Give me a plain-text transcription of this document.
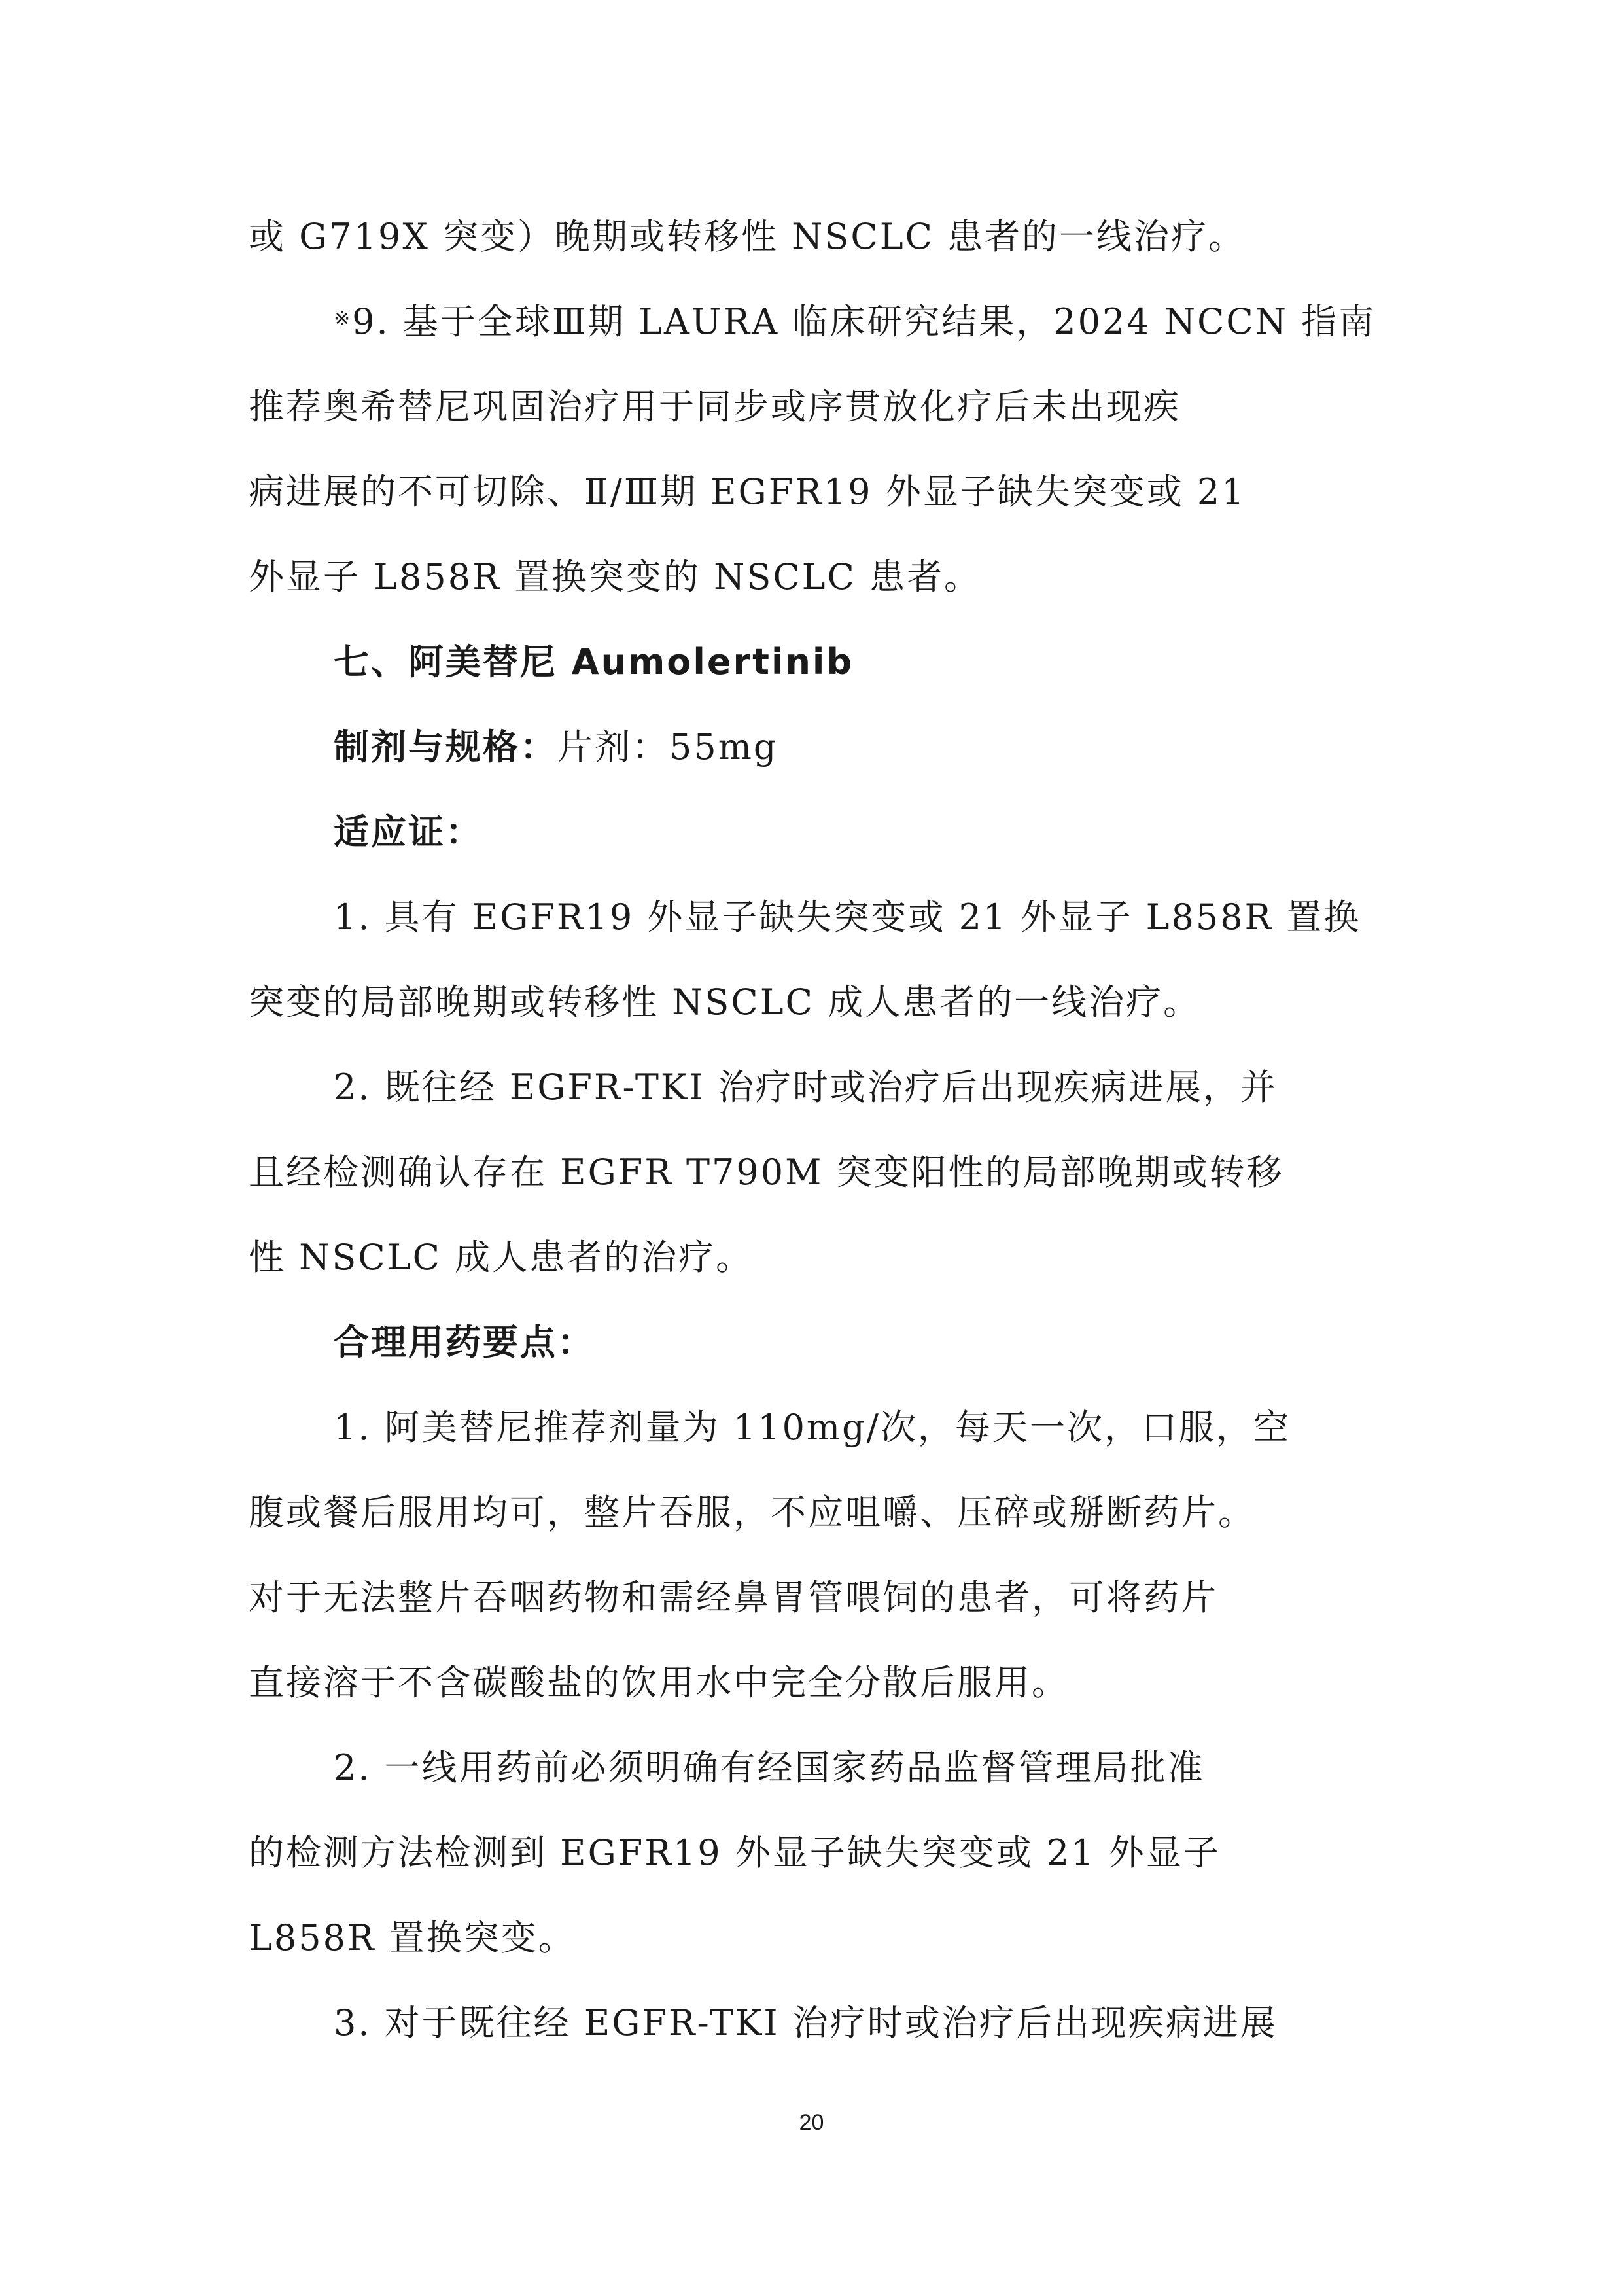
或 G719X 突变）晚期或转移性 NSCLC 患者的一线治疗。

※9. 基于全球Ⅲ期 LAURA 临床研究结果，2024 NCCN 指南

推荐奥希替尼巩固治疗用于同步或序贯放化疗后未出现疾

病进展的不可切除、Ⅱ/Ⅲ期 EGFR19 外显子缺失突变或 21

外显子 L858R 置换突变的 NSCLC 患者。

七、阿美替尼 Aumolertinib

制剂与规格：片剂：55mg

适应证：

1. 具有 EGFR19 外显子缺失突变或 21 外显子 L858R 置换

突变的局部晚期或转移性 NSCLC 成人患者的一线治疗。

2. 既往经 EGFR-TKI 治疗时或治疗后出现疾病进展，并

且经检测确认存在 EGFR T790M 突变阳性的局部晚期或转移

性 NSCLC 成人患者的治疗。

合理用药要点：

1. 阿美替尼推荐剂量为 110mg/次，每天一次，口服，空

腹或餐后服用均可，整片吞服，不应咀嚼、压碎或掰断药片。

对于无法整片吞咽药物和需经鼻胃管喂饲的患者，可将药片

直接溶于不含碳酸盐的饮用水中完全分散后服用。

2. 一线用药前必须明确有经国家药品监督管理局批准

的检测方法检测到 EGFR19 外显子缺失突变或 21 外显子

L858R 置换突变。

3. 对于既往经 EGFR-TKI 治疗时或治疗后出现疾病进展

20
